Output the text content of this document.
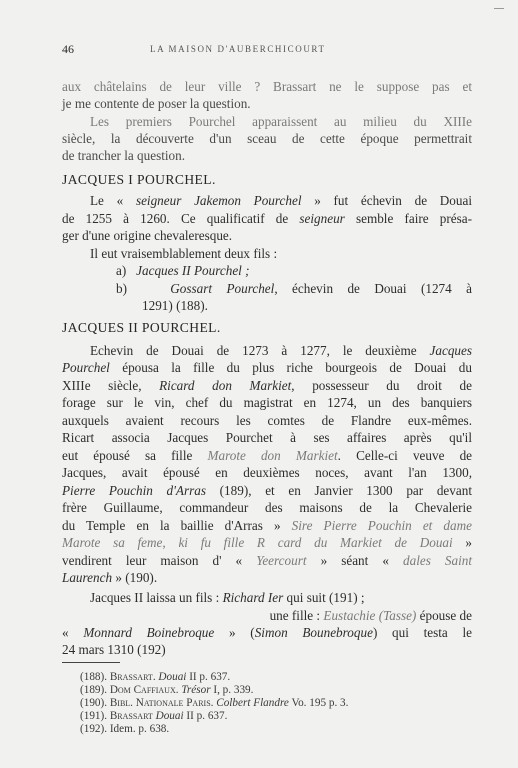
46	LA MAISON D'AUBERCHICOURT
aux châtelains de leur ville ? Brassart ne le suppose pas et
je me contente de poser la question.
Les premiers Pourchel apparaissent au milieu du XIIIe
siècle, la découverte d'un sceau de cette époque permettrait
de trancher la question.
JACQUES I POURCHEL.
Le « seigneur Jakemon Pourchel » fut échevin de Douai
de 1255 à 1260. Ce qualificatif de seigneur semble faire présa-
ger d'une origine chevaleresque.
Il eut vraisemblablement deux fils :
a) Jacques II Pourchel ;
b)	Gossart Pourchel, échevin de Douai (1274 à
1291) (188).
JACQUES II POURCHEL.
Echevin de Douai de 1273 à 1277, le deuxième Jacques
Pourchel épousa la fille du plus riche bourgeois de Douai du
XIIIe siècle, Ricard don Markiet, possesseur du droit de
forage sur le vin, chef du magistrat en 1274, un des banquiers
auxquels avaient recours les comtes de Flandre eux-mêmes.
Ricart associa Jacques Pourchet à ses affaires après qu'il
eut épousé sa fille Marote don Markiet. Celle-ci veuve de
Jacques, avait épousé en deuxièmes noces, avant l'an 1300,
Pierre Pouchin d'Arras (189), et en Janvier 1300 par devant
frère Guillaume, commandeur des maisons de la Chevalerie
du Temple en la baillie d'Arras » Sire Pierre Pouchin et dame
Marote sa feme, ki fu fille R card du Markiet de Douai »
vendirent leur maison d' « Yeercourt » séant « dales Saint
Laurench » (190).
Jacques II laissa un fils : Richard Ier qui suit (191) ;
une fille : Eustachie (Tasse) épouse de
« Monnard Boinebroque » (Simon Bounebroque) qui testa le
24 mars 1310 (192)
(188). Brassart. Douai II p. 637.
(189). Dom Caffiaux. Trésor I, p. 339.
(190). Bibl. Nationale Paris. Colbert Flandre Vo. 195 p. 3.
(191). Brassart Douai II p. 637.
(192). Idem. p. 638.
